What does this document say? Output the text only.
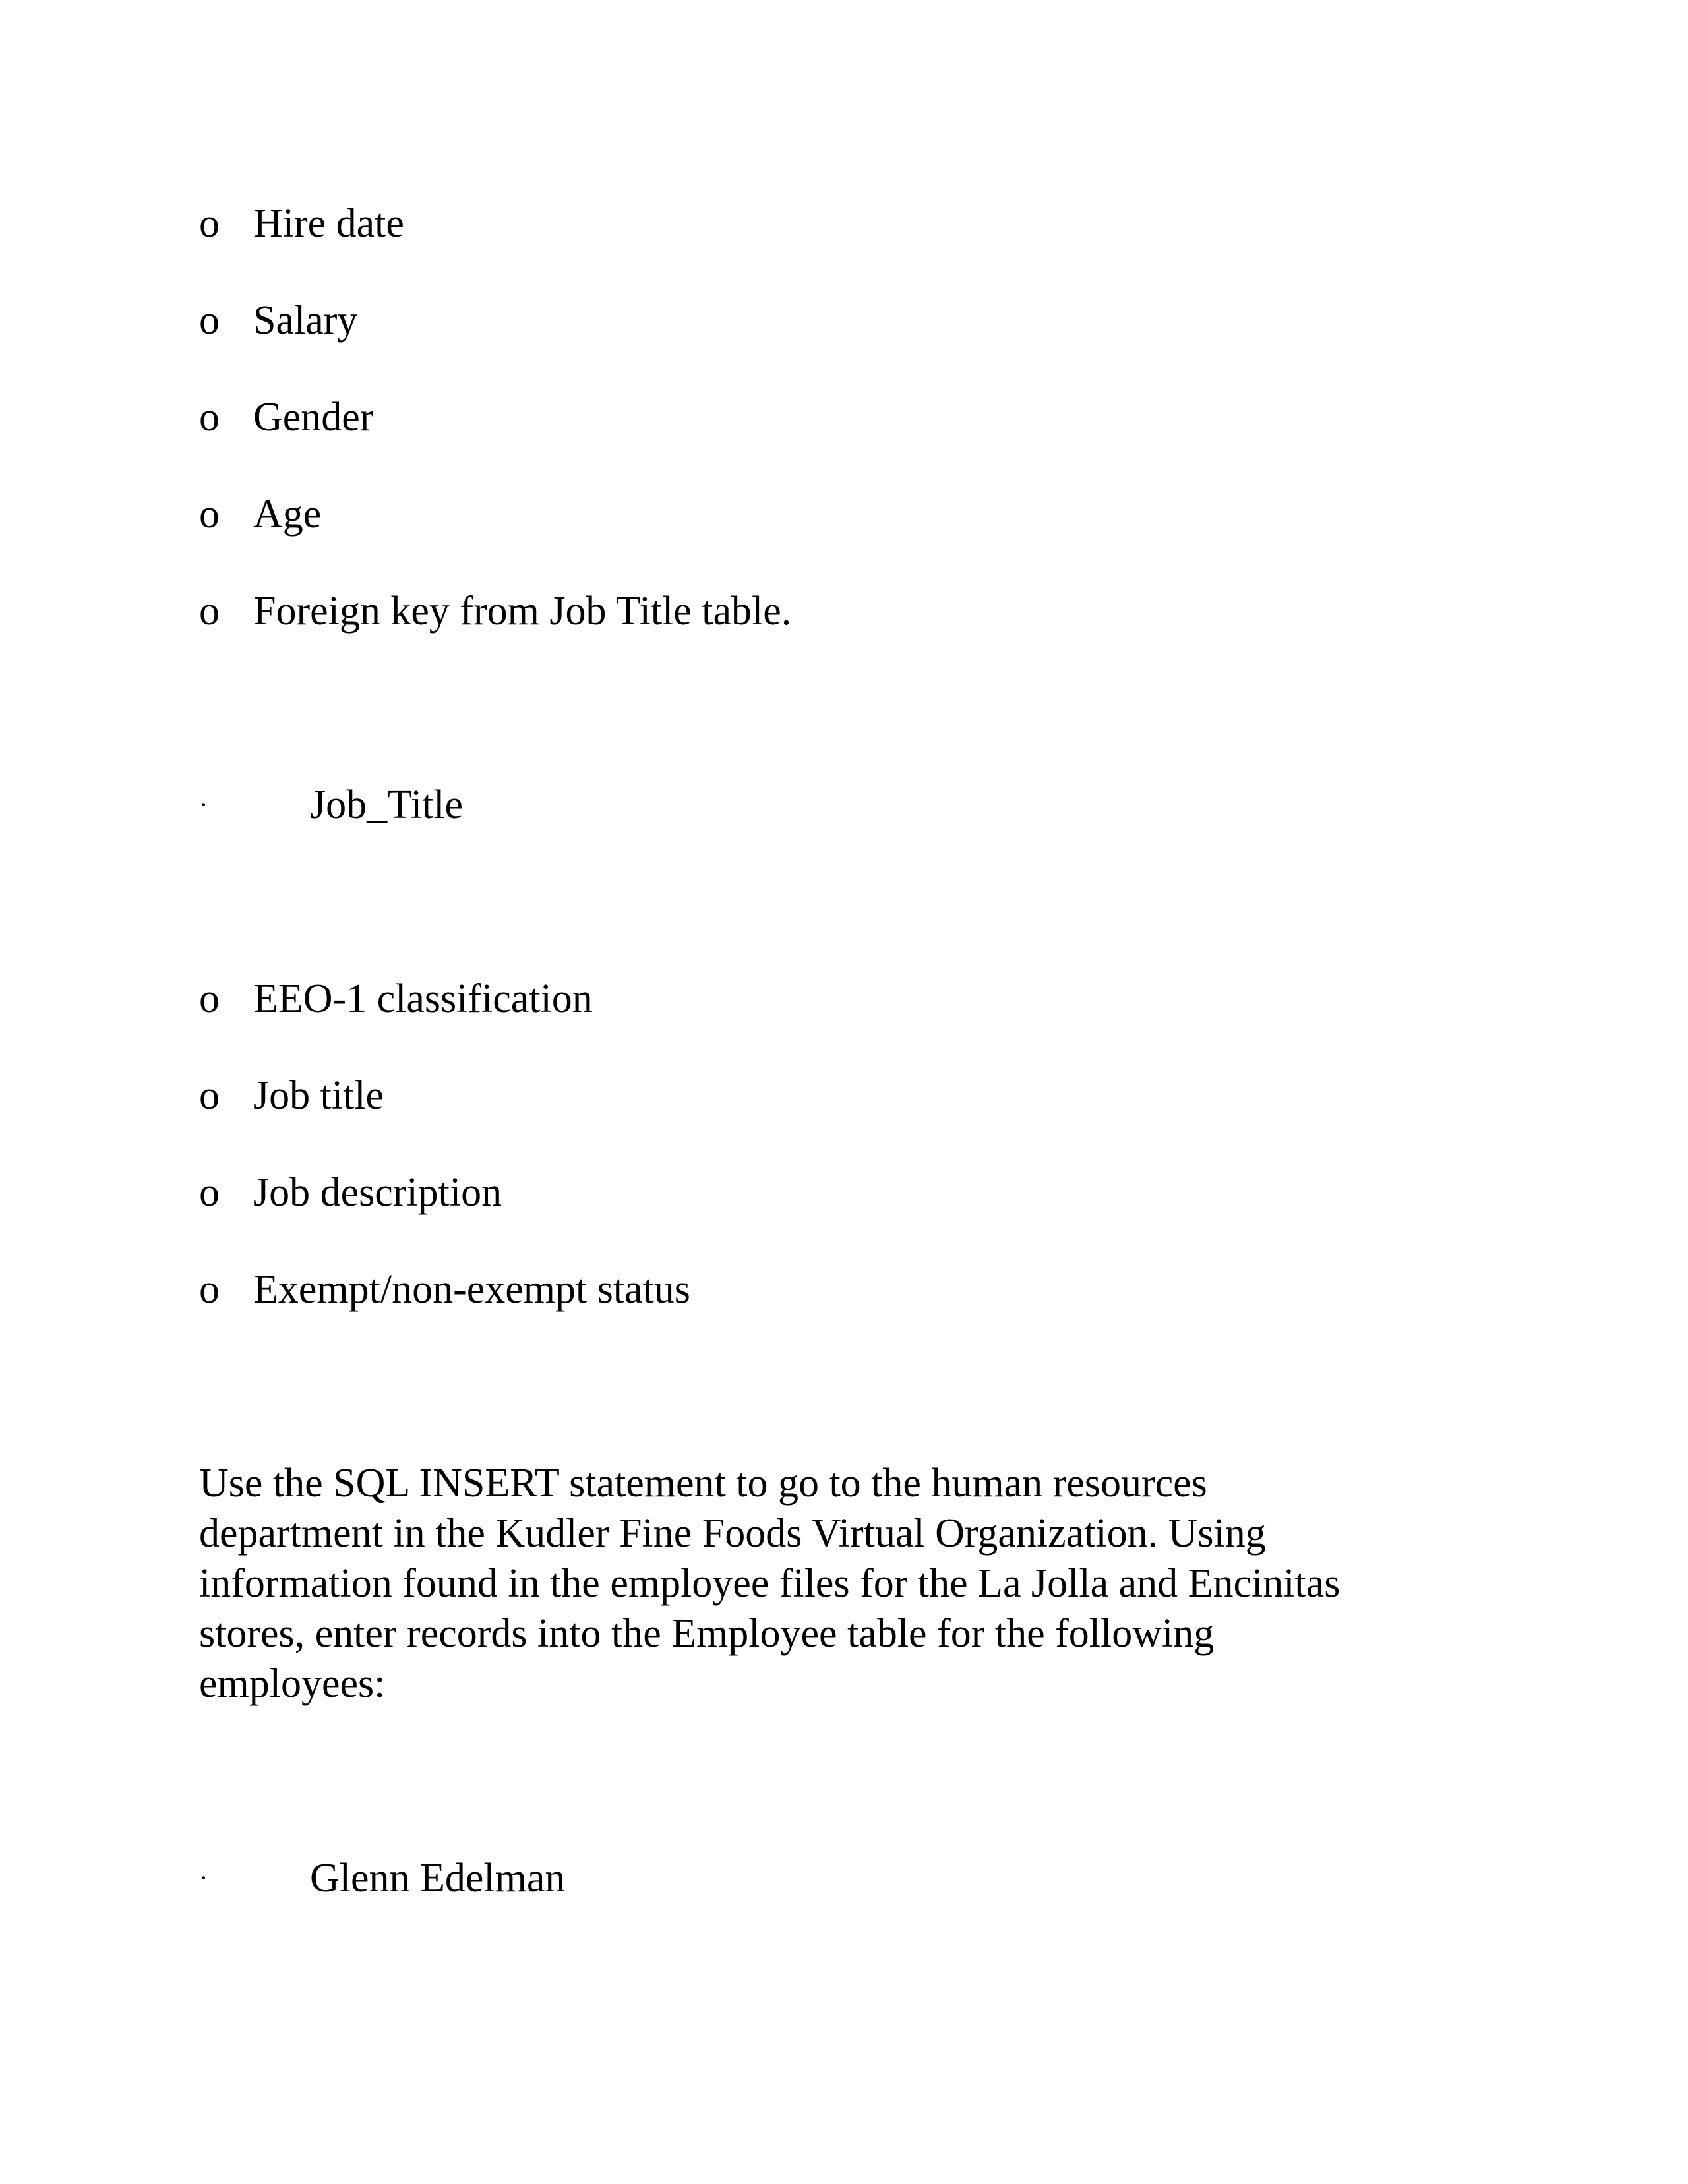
o Hire date
o Salary
o Gender
o Age
o Foreign key from Job Title table.
· Job_Title
o EEO-1 classification
o Job title
o Job description
o Exempt/non-exempt status
Use the SQL INSERT statement to go to the human resources
department in the Kudler Fine Foods Virtual Organization. Using
information found in the employee files for the La Jolla and Encinitas
stores, enter records into the Employee table for the following
employees:
· Glenn Edelman
